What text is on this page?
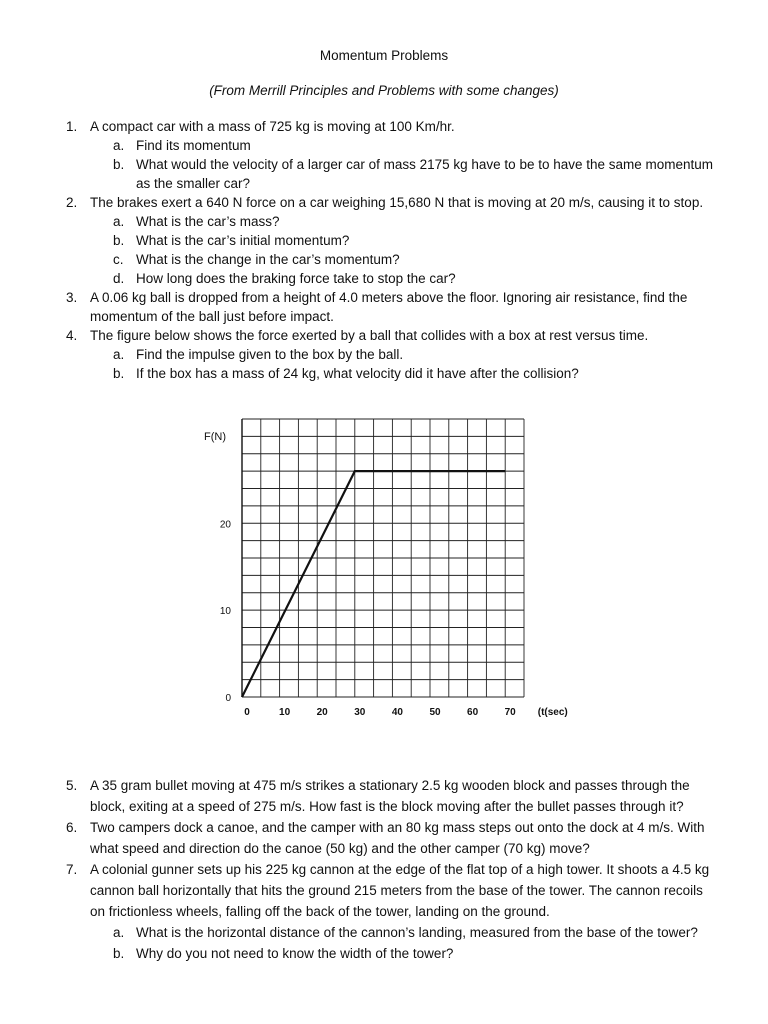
Momentum Problems
(From Merrill Principles and Problems with some changes)
1. A compact car with a mass of 725 kg is moving at 100 Km/hr.
a. Find its momentum
b. What would the velocity of a larger car of mass 2175 kg have to be to have the same momentum as the smaller car?
2. The brakes exert a 640 N force on a car weighing 15,680 N that is moving at 20 m/s, causing it to stop.
a. What is the car’s mass?
b. What is the car’s initial momentum?
c. What is the change in the car’s momentum?
d. How long does the braking force take to stop the car?
3. A 0.06 kg ball is dropped from a height of 4.0 meters above the floor. Ignoring air resistance, find the momentum of the ball just before impact.
4. The figure below shows the force exerted by a ball that collides with a box at rest versus time.
a. Find the impulse given to the box by the ball.
b. If the box has a mass of 24 kg, what velocity did it have after the collision?
0	10	20	30	40	50	60	70 (t(sec)
0
10
20
F(N)
5. A 35 gram bullet moving at 475 m/s strikes a stationary 2.5 kg wooden block and passes through the block, exiting at a speed of 275 m/s. How fast is the block moving after the bullet passes through it?
6. Two campers dock a canoe, and the camper with an 80 kg mass steps out onto the dock at 4 m/s. With what speed and direction do the canoe (50 kg) and the other camper (70 kg) move?
7. A colonial gunner sets up his 225 kg cannon at the edge of the flat top of a high tower. It shoots a 4.5 kg cannon ball horizontally that hits the ground 215 meters from the base of the tower. The cannon recoils on frictionless wheels, falling off the back of the tower, landing on the ground.
a. What is the horizontal distance of the cannon’s landing, measured from the base of the tower?
b. Why do you not need to know the width of the tower?
